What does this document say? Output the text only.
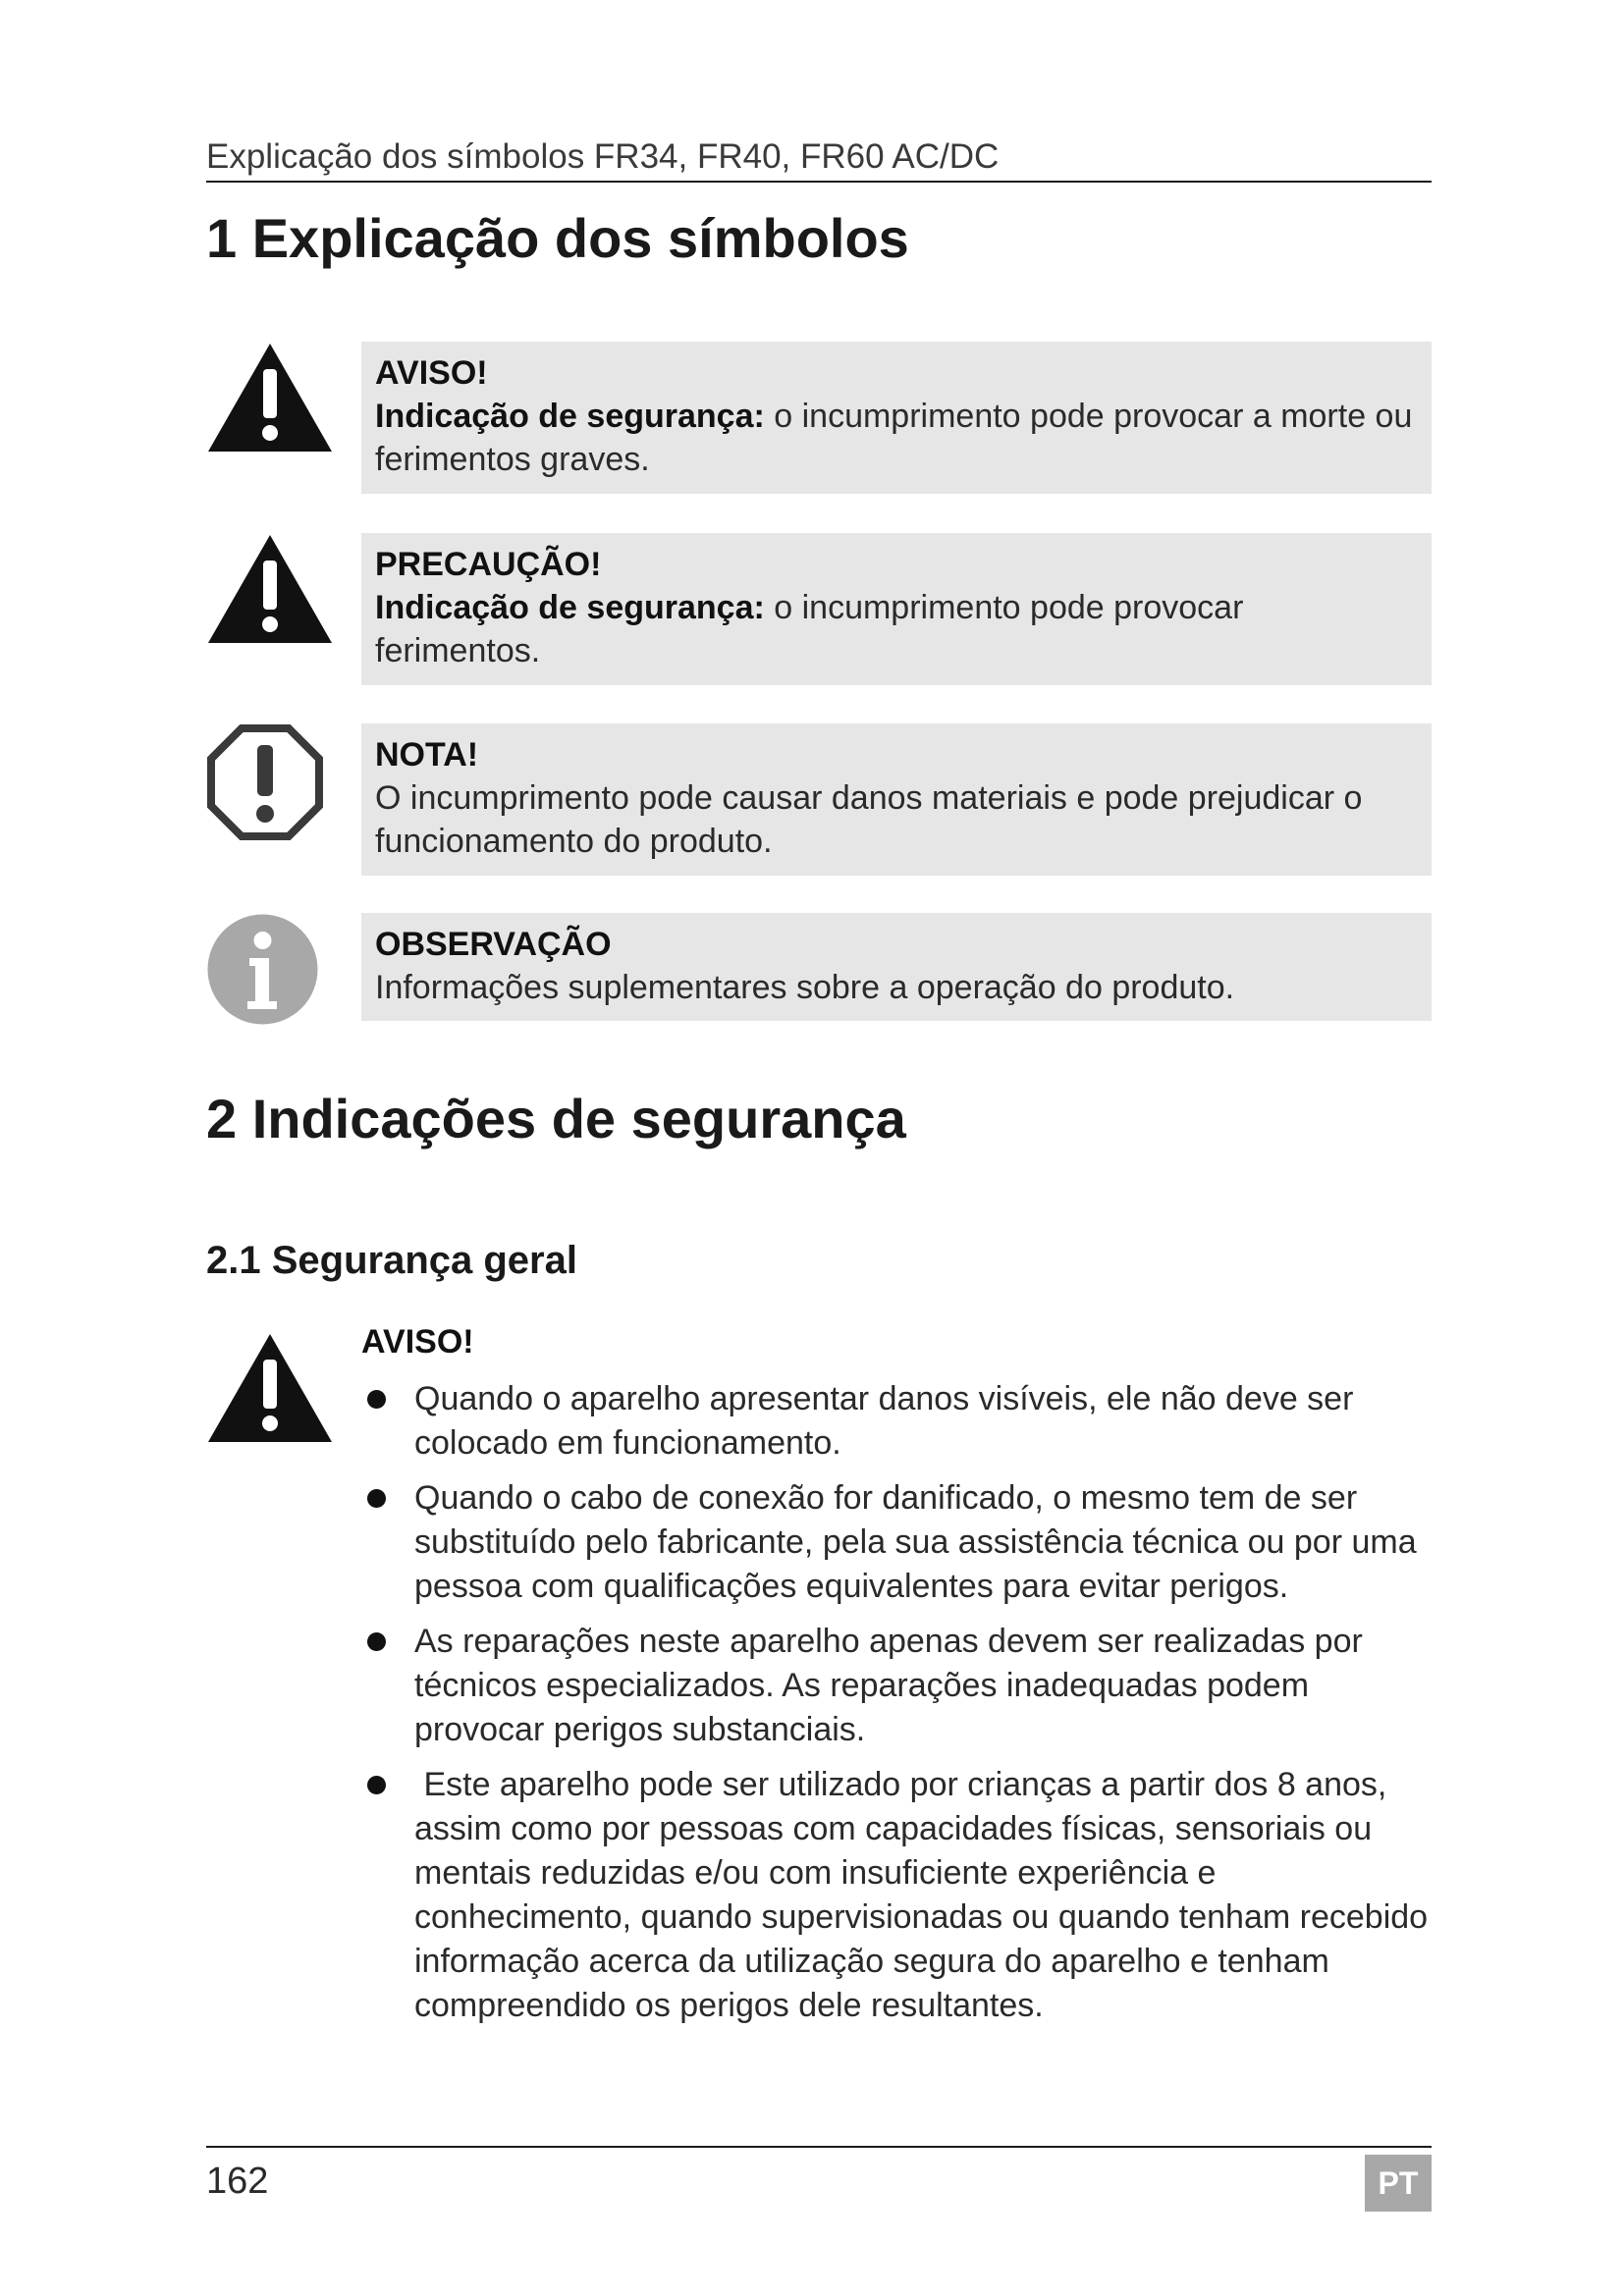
Explicação dos símbolos FR34, FR40, FR60 AC/DC
1 Explicação dos símbolos
AVISO!
Indicação de segurança: o incumprimento pode provocar a morte ou ferimentos graves.
PRECAUÇÃO!
Indicação de segurança: o incumprimento pode provocar ferimentos.
NOTA!
O incumprimento pode causar danos materiais e pode prejudicar o funcionamento do produto.
OBSERVAÇÃO
Informações suplementares sobre a operação do produto.
2 Indicações de segurança
2.1 Segurança geral
AVISO!
Quando o aparelho apresentar danos visíveis, ele não deve ser colocado em funcionamento.
Quando o cabo de conexão for danificado, o mesmo tem de ser substituído pelo fabricante, pela sua assistência técnica ou por uma pessoa com qualificações equivalentes para evitar perigos.
As reparações neste aparelho apenas devem ser realizadas por técnicos especializados. As reparações inadequadas podem provocar perigos substanciais.
Este aparelho pode ser utilizado por crianças a partir dos 8 anos, assim como por pessoas com capacidades físicas, sensoriais ou mentais reduzidas e/ou com insuficiente experiência e conhecimento, quando supervisionadas ou quando tenham recebido informação acerca da utilização segura do aparelho e tenham compreendido os perigos dele resultantes.
162	PT
